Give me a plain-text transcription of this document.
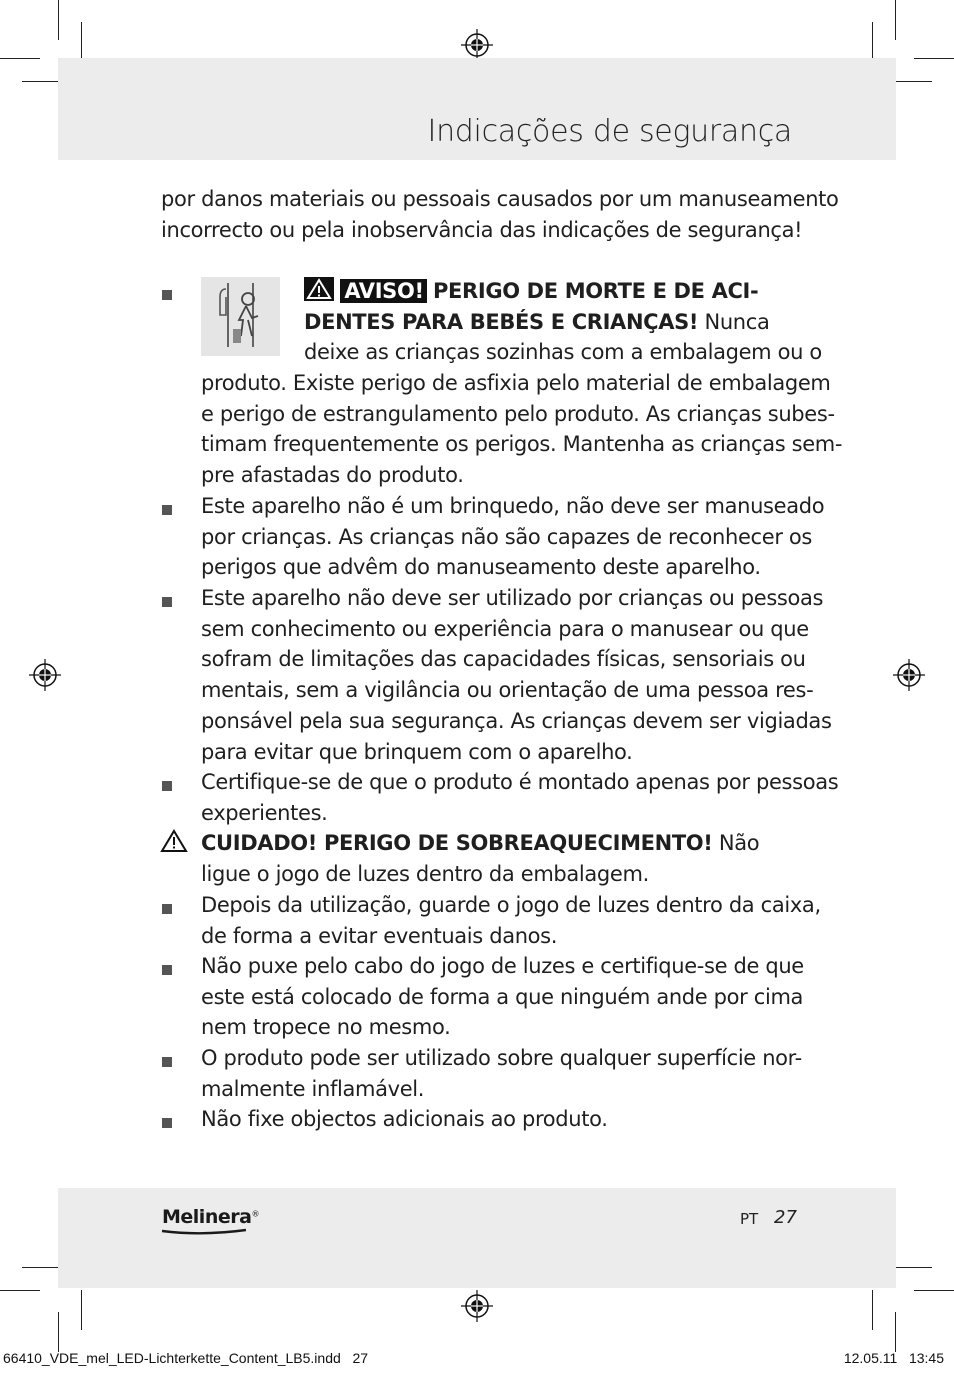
Indicações de segurança
por danos materiais ou pessoais causados por um manuseamento
incorrecto ou pela inobservância das indicações de segurança!
AVISO! PERIGO DE MORTE E DE ACI-
DENTES PARA BEBÉS E CRIANÇAS! Nunca
deixe as crianças sozinhas com a embalagem ou o
produto. Existe perigo de asfixia pelo material de embalagem
e perigo de estrangulamento pelo produto. As crianças subes-
timam frequentemente os perigos. Mantenha as crianças sem-
pre afastadas do produto.
Este aparelho não é um brinquedo, não deve ser manuseado
por crianças. As crianças não são capazes de reconhecer os
perigos que advêm do manuseamento deste aparelho.
Este aparelho não deve ser utilizado por crianças ou pessoas
sem conhecimento ou experiência para o manusear ou que
sofram de limitações das capacidades físicas, sensoriais ou
mentais, sem a vigilância ou orientação de uma pessoa res-
ponsável pela sua segurança. As crianças devem ser vigiadas
para evitar que brinquem com o aparelho.
Certifique-se de que o produto é montado apenas por pessoas
experientes.
CUIDADO! PERIGO DE SOBREAQUECIMENTO! Não
ligue o jogo de luzes dentro da embalagem.
Depois da utilização, guarde o jogo de luzes dentro da caixa,
de forma a evitar eventuais danos.
Não puxe pelo cabo do jogo de luzes e certifique-se de que
este está colocado de forma a que ninguém ande por cima
nem tropece no mesmo.
O produto pode ser utilizado sobre qualquer superfície nor-
malmente inflamável.
Não fixe objectos adicionais ao produto.
Melinera®	PT 27
66410_VDE_mel_LED-Lichterkette_Content_LB5.indd   27	12.05.11   13:45
